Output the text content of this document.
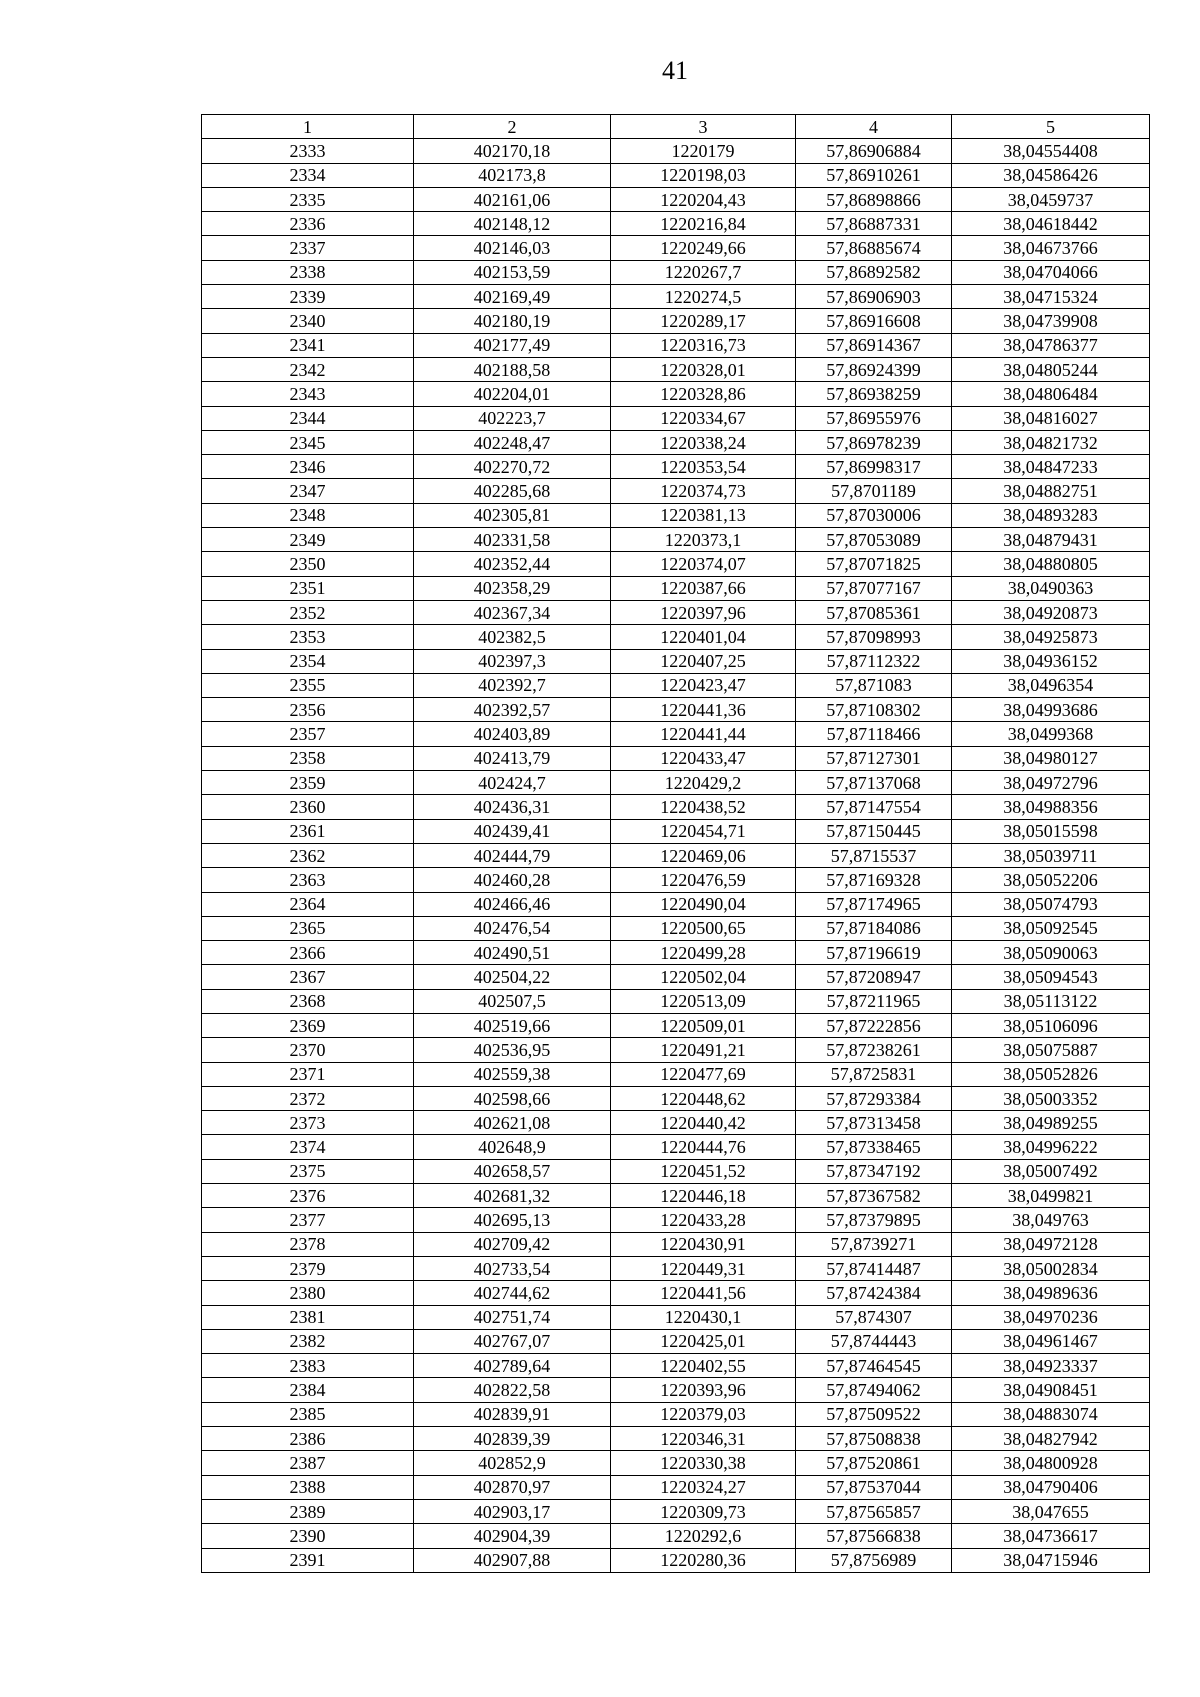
41
1	2	3	4	5
2333	402170,18	1220179	57,86906884	38,04554408
2334	402173,8	1220198,03	57,86910261	38,04586426
2335	402161,06	1220204,43	57,86898866	38,0459737
2336	402148,12	1220216,84	57,86887331	38,04618442
2337	402146,03	1220249,66	57,86885674	38,04673766
2338	402153,59	1220267,7	57,86892582	38,04704066
2339	402169,49	1220274,5	57,86906903	38,04715324
2340	402180,19	1220289,17	57,86916608	38,04739908
2341	402177,49	1220316,73	57,86914367	38,04786377
2342	402188,58	1220328,01	57,86924399	38,04805244
2343	402204,01	1220328,86	57,86938259	38,04806484
2344	402223,7	1220334,67	57,86955976	38,04816027
2345	402248,47	1220338,24	57,86978239	38,04821732
2346	402270,72	1220353,54	57,86998317	38,04847233
2347	402285,68	1220374,73	57,8701189	38,04882751
2348	402305,81	1220381,13	57,87030006	38,04893283
2349	402331,58	1220373,1	57,87053089	38,04879431
2350	402352,44	1220374,07	57,87071825	38,04880805
2351	402358,29	1220387,66	57,87077167	38,0490363
2352	402367,34	1220397,96	57,87085361	38,04920873
2353	402382,5	1220401,04	57,87098993	38,04925873
2354	402397,3	1220407,25	57,87112322	38,04936152
2355	402392,7	1220423,47	57,871083	38,0496354
2356	402392,57	1220441,36	57,87108302	38,04993686
2357	402403,89	1220441,44	57,87118466	38,0499368
2358	402413,79	1220433,47	57,87127301	38,04980127
2359	402424,7	1220429,2	57,87137068	38,04972796
2360	402436,31	1220438,52	57,87147554	38,04988356
2361	402439,41	1220454,71	57,87150445	38,05015598
2362	402444,79	1220469,06	57,8715537	38,05039711
2363	402460,28	1220476,59	57,87169328	38,05052206
2364	402466,46	1220490,04	57,87174965	38,05074793
2365	402476,54	1220500,65	57,87184086	38,05092545
2366	402490,51	1220499,28	57,87196619	38,05090063
2367	402504,22	1220502,04	57,87208947	38,05094543
2368	402507,5	1220513,09	57,87211965	38,05113122
2369	402519,66	1220509,01	57,87222856	38,05106096
2370	402536,95	1220491,21	57,87238261	38,05075887
2371	402559,38	1220477,69	57,8725831	38,05052826
2372	402598,66	1220448,62	57,87293384	38,05003352
2373	402621,08	1220440,42	57,87313458	38,04989255
2374	402648,9	1220444,76	57,87338465	38,04996222
2375	402658,57	1220451,52	57,87347192	38,05007492
2376	402681,32	1220446,18	57,87367582	38,0499821
2377	402695,13	1220433,28	57,87379895	38,049763
2378	402709,42	1220430,91	57,8739271	38,04972128
2379	402733,54	1220449,31	57,87414487	38,05002834
2380	402744,62	1220441,56	57,87424384	38,04989636
2381	402751,74	1220430,1	57,874307	38,04970236
2382	402767,07	1220425,01	57,8744443	38,04961467
2383	402789,64	1220402,55	57,87464545	38,04923337
2384	402822,58	1220393,96	57,87494062	38,04908451
2385	402839,91	1220379,03	57,87509522	38,04883074
2386	402839,39	1220346,31	57,87508838	38,04827942
2387	402852,9	1220330,38	57,87520861	38,04800928
2388	402870,97	1220324,27	57,87537044	38,04790406
2389	402903,17	1220309,73	57,87565857	38,047655
2390	402904,39	1220292,6	57,87566838	38,04736617
2391	402907,88	1220280,36	57,8756989	38,04715946
